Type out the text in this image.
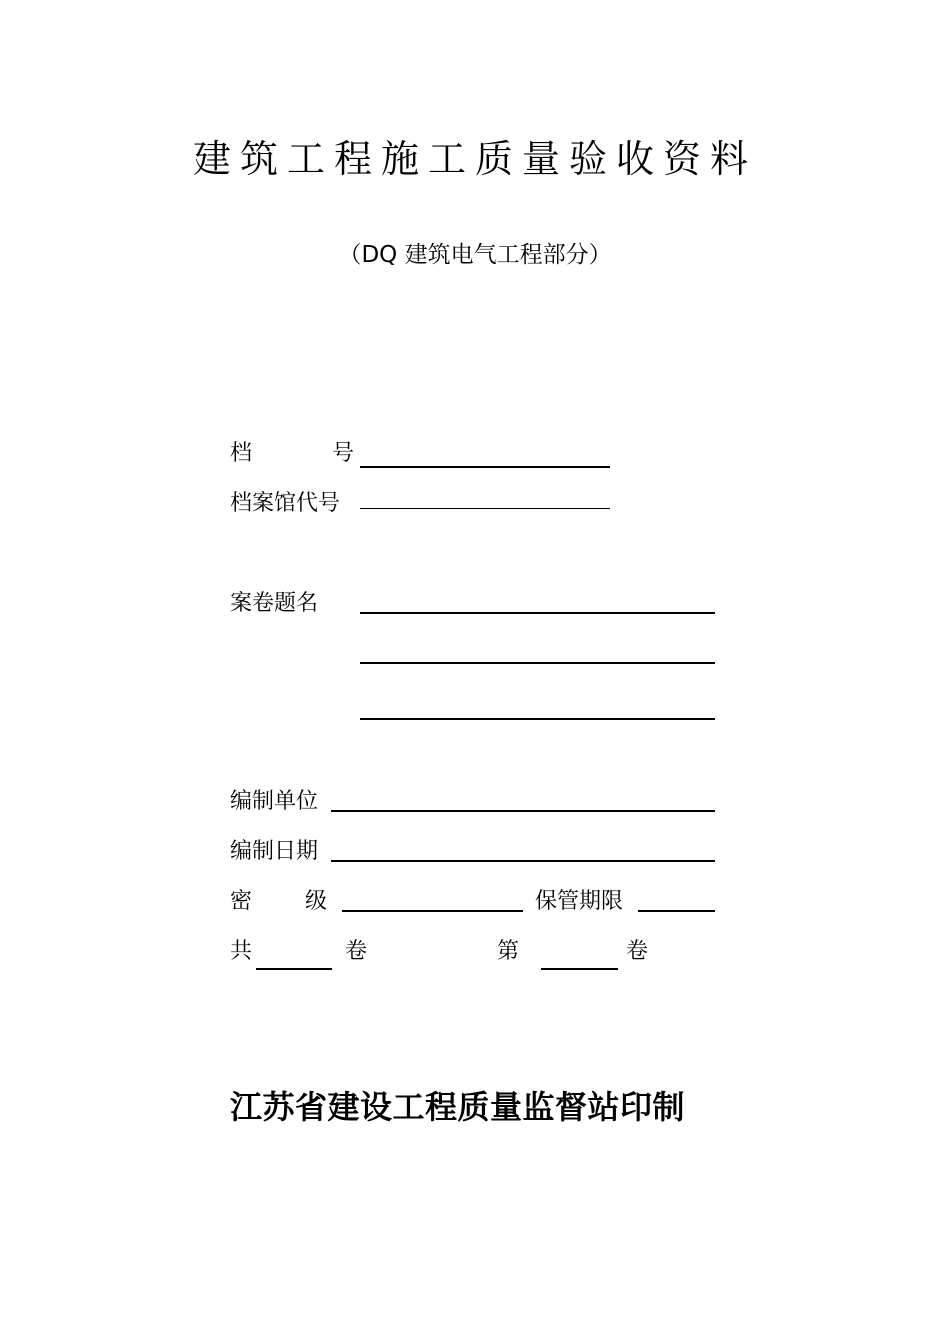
建筑工程施工质量验收资料
（DQ 建筑电气工程部分）
档	号
档案馆代号
案卷题名
编制单位
编制日期
密 级	保管期限
共	卷	第	卷
江苏省建设工程质量监督站印制
